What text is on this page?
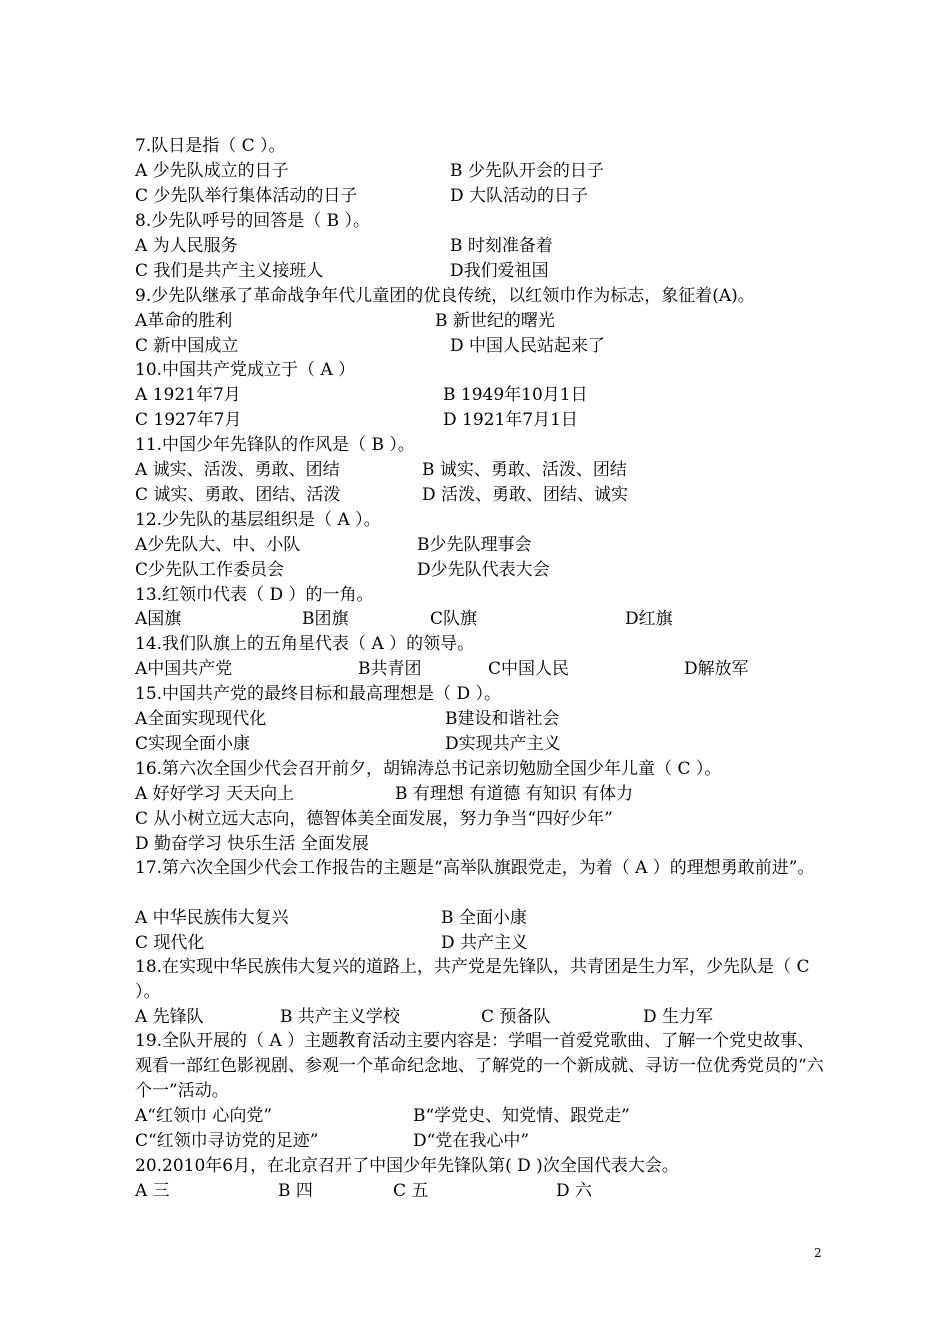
7.队日是指（ C ）。
A 少先队成立的日子	B 少先队开会的日子
C 少先队举行集体活动的日子	D 大队活动的日子
8.少先队呼号的回答是（ B ）。
A 为人民服务	B 时刻准备着
C 我们是共产主义接班人	D我们爱祖国
9.少先队继承了革命战争年代儿童团的优良传统，以红领巾作为标志，象征着(A)。
A革命的胜利	B 新世纪的曙光
C 新中国成立	D 中国人民站起来了
10.中国共产党成立于（ A ）
A 1921年7月	B 1949年10月1日
C 1927年7月	D 1921年7月1日
11.中国少年先锋队的作风是（ B ）。
A 诚实、活泼、勇敢、团结	B 诚实、勇敢、活泼、团结
C 诚实、勇敢、团结、活泼	D 活泼、勇敢、团结、诚实
12.少先队的基层组织是（ A ）。
A少先队大、中、小队	B少先队理事会
C少先队工作委员会	D少先队代表大会
13.红领巾代表（ D ）的一角。
A国旗	B团旗	C队旗	D红旗
14.我们队旗上的五角星代表（ A ）的领导。
A中国共产党	B共青团	C中国人民	D解放军
15.中国共产党的最终目标和最高理想是（ D ）。
A全面实现现代化	B建设和谐社会
C实现全面小康	D实现共产主义
16.第六次全国少代会召开前夕，胡锦涛总书记亲切勉励全国少年儿童（ C ）。
A 好好学习 天天向上	B 有理想 有道德 有知识 有体力
C 从小树立远大志向，德智体美全面发展，努力争当“四好少年”
D 勤奋学习 快乐生活 全面发展
17.第六次全国少代会工作报告的主题是“高举队旗跟党走，为着（ A ）的理想勇敢前进”。
A 中华民族伟大复兴	B 全面小康
C 现代化	D 共产主义
18.在实现中华民族伟大复兴的道路上，共产党是先锋队，共青团是生力军，少先队是（ C ）。
A 先锋队	B 共产主义学校	C 预备队	D 生力军
19.全队开展的（ A ）主题教育活动主要内容是：学唱一首爱党歌曲、了解一个党史故事、观看一部红色影视剧、参观一个革命纪念地、了解党的一个新成就、寻访一位优秀党员的“六个一”活动。
A“红领巾 心向党”	B“学党史、知党情、跟党走”
C“红领巾寻访党的足迹”	D“党在我心中”
20.2010年6月，在北京召开了中国少年先锋队第( D )次全国代表大会。
A 三	B 四	C 五	D 六
2
